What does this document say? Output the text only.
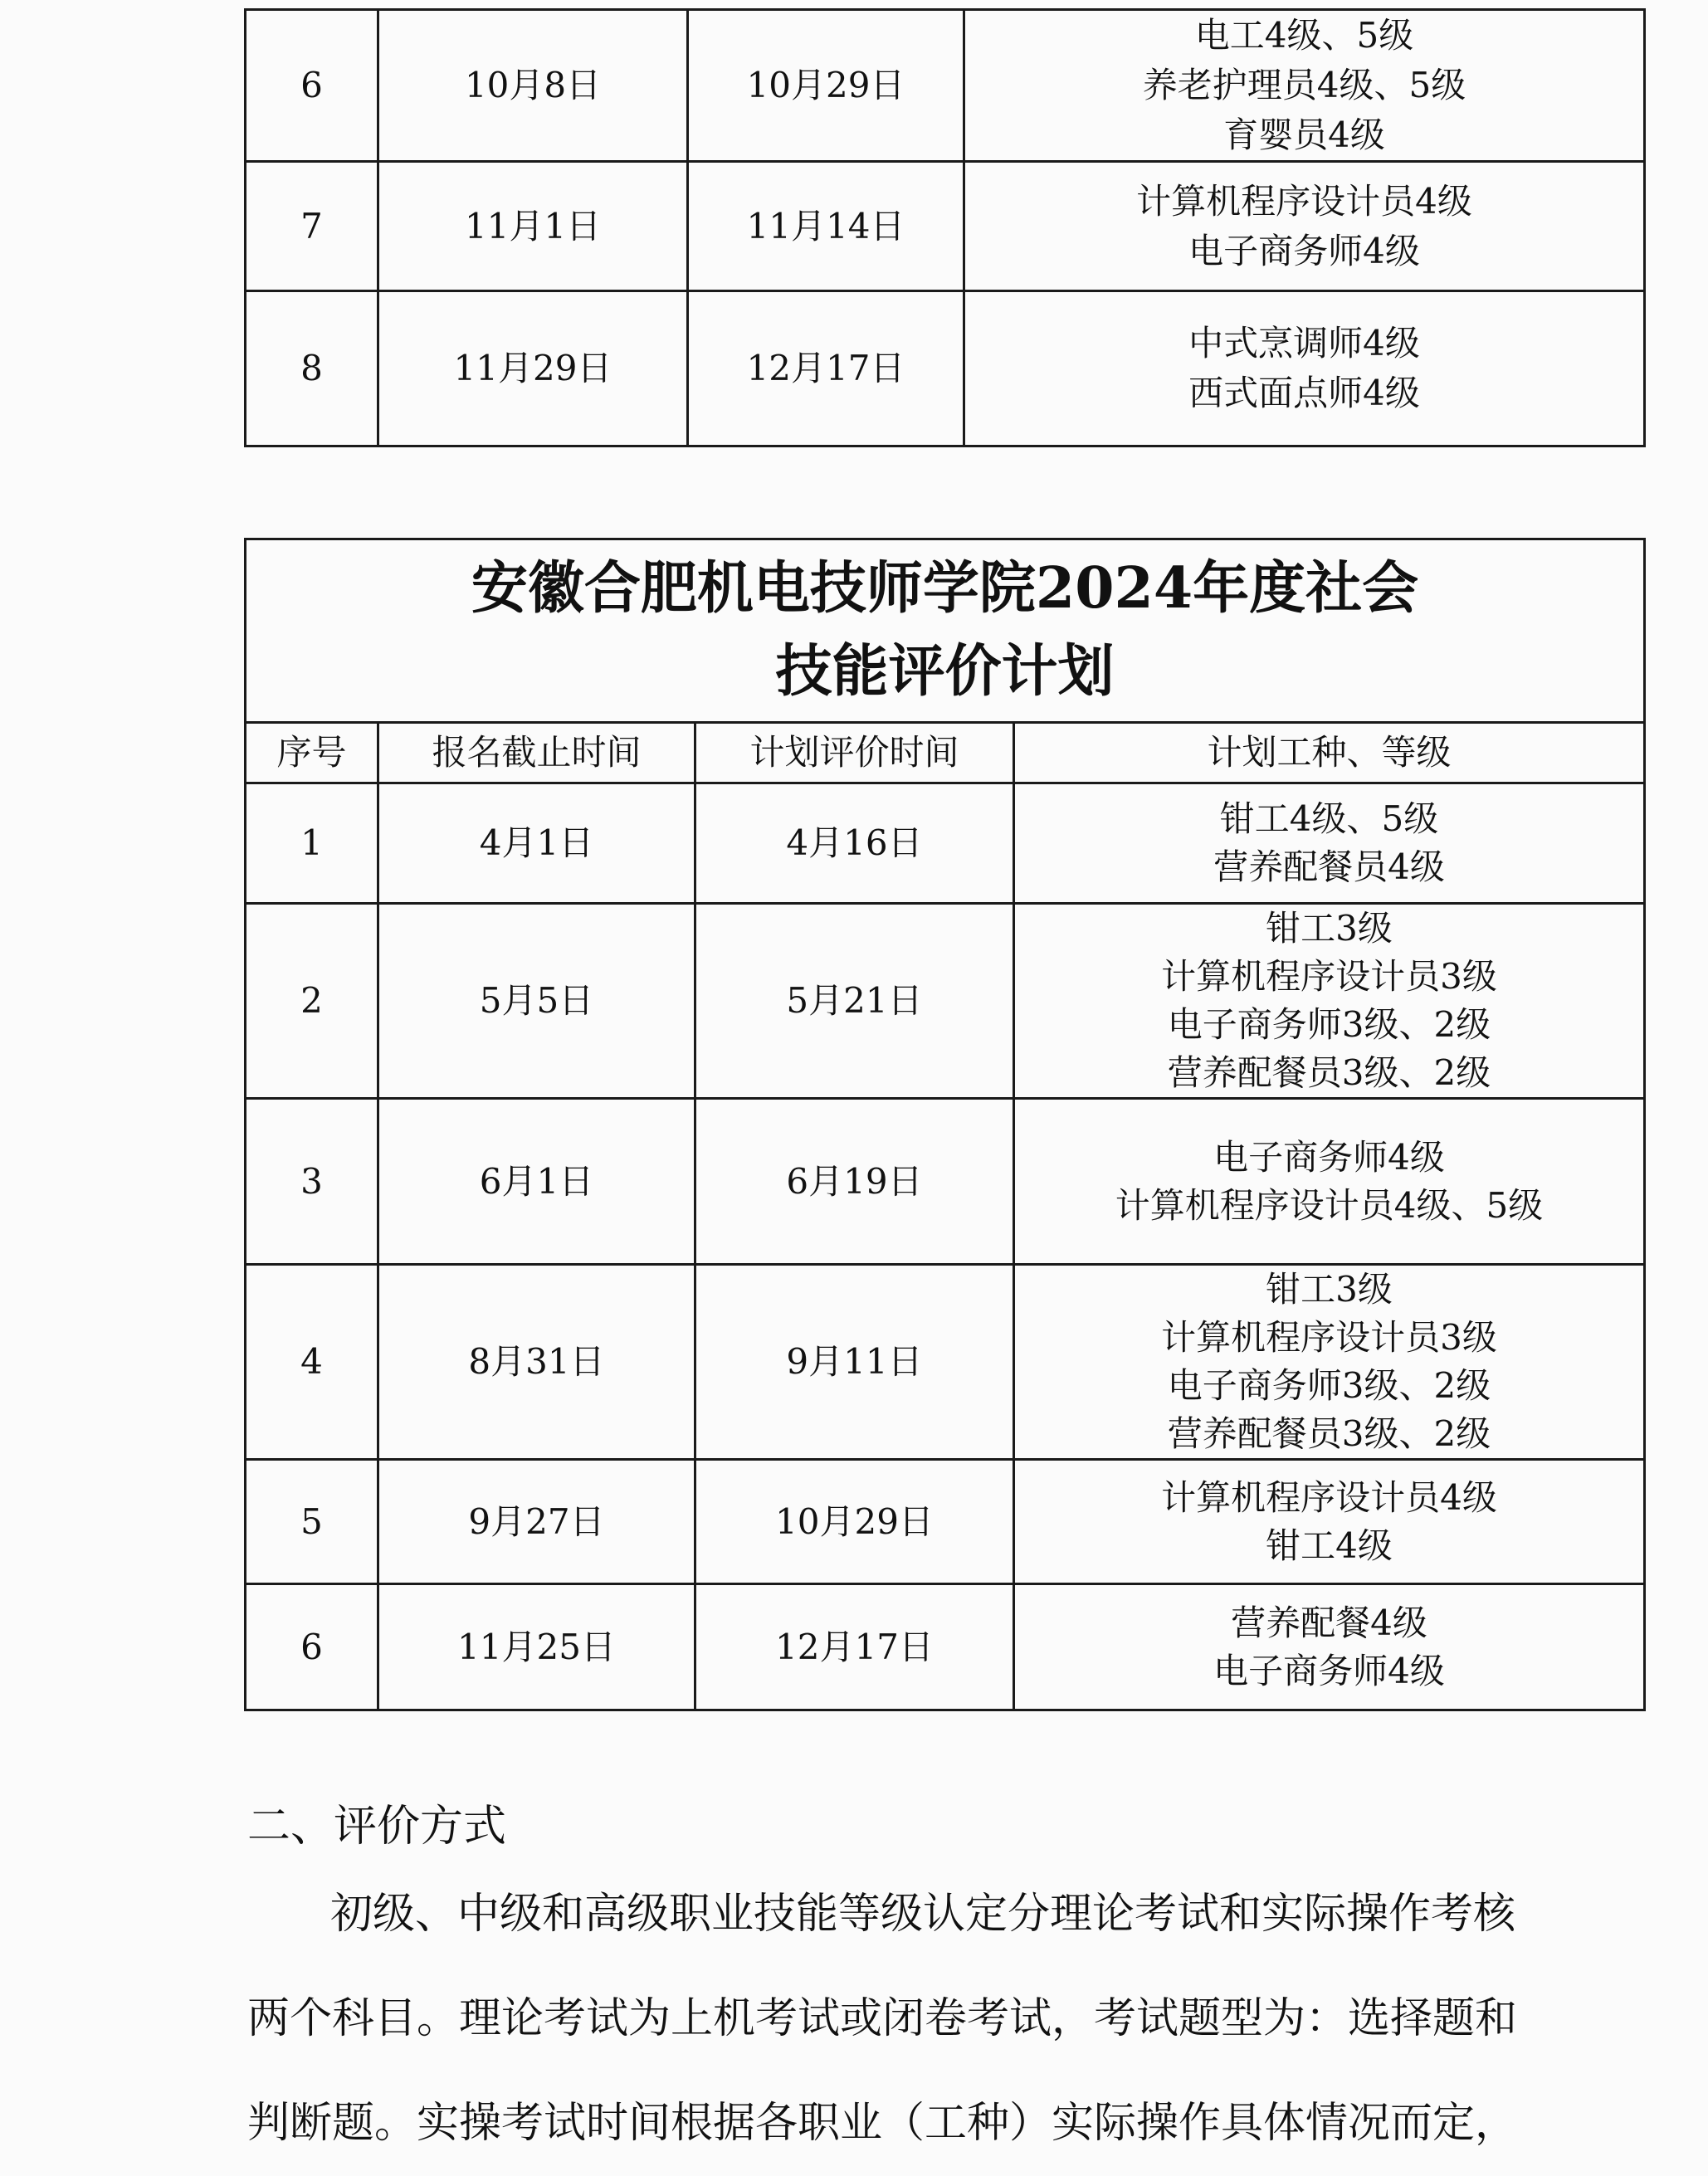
6	10月8日	10月29日	电工4级、5级
养老护理员4级、5级
育婴员4级

7	11月1日	11月14日	计算机程序设计员4级
电子商务师4级

8	11月29日	12月17日	中式烹调师4级
西式面点师4级
安徽合肥机电技师学院2024年度社会
技能评价计划			

序号	报名截止时间	计划评价时间	计划工种、等级
1	4月1日	4月16日	钳工4级、5级
营养配餐员4级

2	5月5日	5月21日	钳工3级
计算机程序设计员3级
电子商务师3级、2级
营养配餐员3级、2级

3	6月1日	6月19日	电子商务师4级
计算机程序设计员4级、5级

4	8月31日	9月11日	钳工3级
计算机程序设计员3级
电子商务师3级、2级
营养配餐员3级、2级

5	9月27日	10月29日	计算机程序设计员4级
钳工4级

6	11月25日	12月17日	营养配餐4级
电子商务师4级
二、评价方式
初级、中级和高级职业技能等级认定分理论考试和实际操作考核
两个科目。理论考试为上机考试或闭卷考试，考试题型为：选择题和
判断题。实操考试时间根据各职业（工种）实际操作具体情况而定，
